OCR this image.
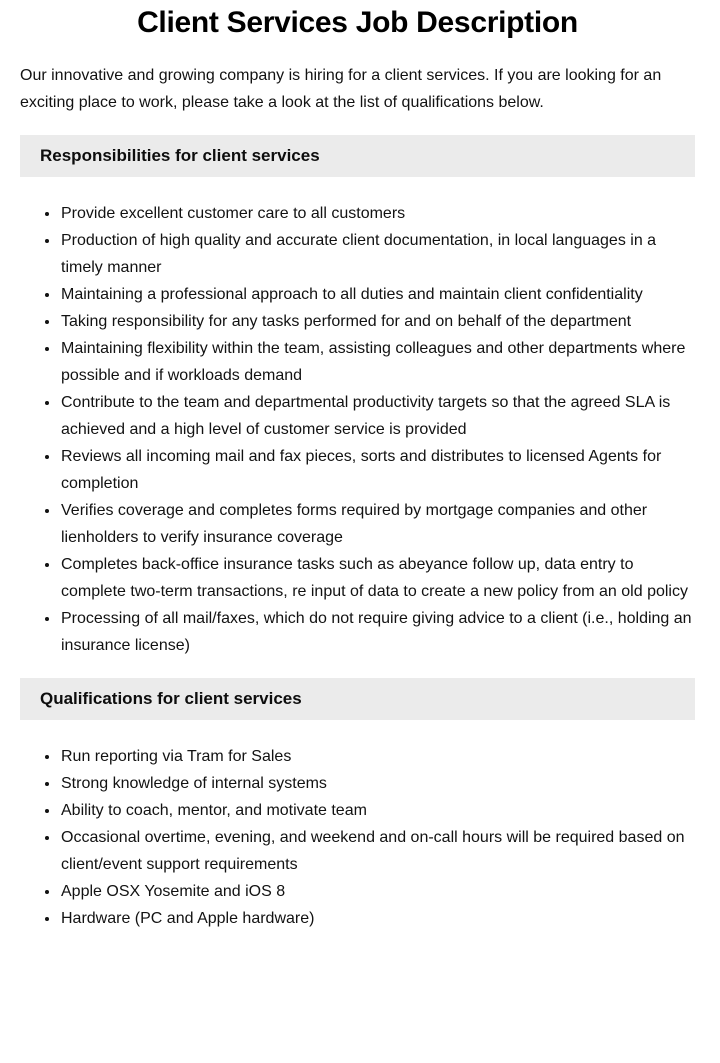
Client Services Job Description

Our innovative and growing company is hiring for a client services. If you are looking for an exciting place to work, please take a look at the list of qualifications below.

Responsibilities for client services
• Provide excellent customer care to all customers
• Production of high quality and accurate client documentation, in local languages in a timely manner
• Maintaining a professional approach to all duties and maintain client confidentiality
• Taking responsibility for any tasks performed for and on behalf of the department
• Maintaining flexibility within the team, assisting colleagues and other departments where possible and if workloads demand
• Contribute to the team and departmental productivity targets so that the agreed SLA is achieved and a high level of customer service is provided
• Reviews all incoming mail and fax pieces, sorts and distributes to licensed Agents for completion
• Verifies coverage and completes forms required by mortgage companies and other lienholders to verify insurance coverage
• Completes back-office insurance tasks such as abeyance follow up, data entry to complete two-term transactions, re input of data to create a new policy from an old policy
• Processing of all mail/faxes, which do not require giving advice to a client (i.e., holding an insurance license)
Qualifications for client services
• Run reporting via Tram for Sales
• Strong knowledge of internal systems
• Ability to coach, mentor, and motivate team
• Occasional overtime, evening, and weekend and on-call hours will be required based on client/event support requirements
• Apple OSX Yosemite and iOS 8
• Hardware (PC and Apple hardware)
